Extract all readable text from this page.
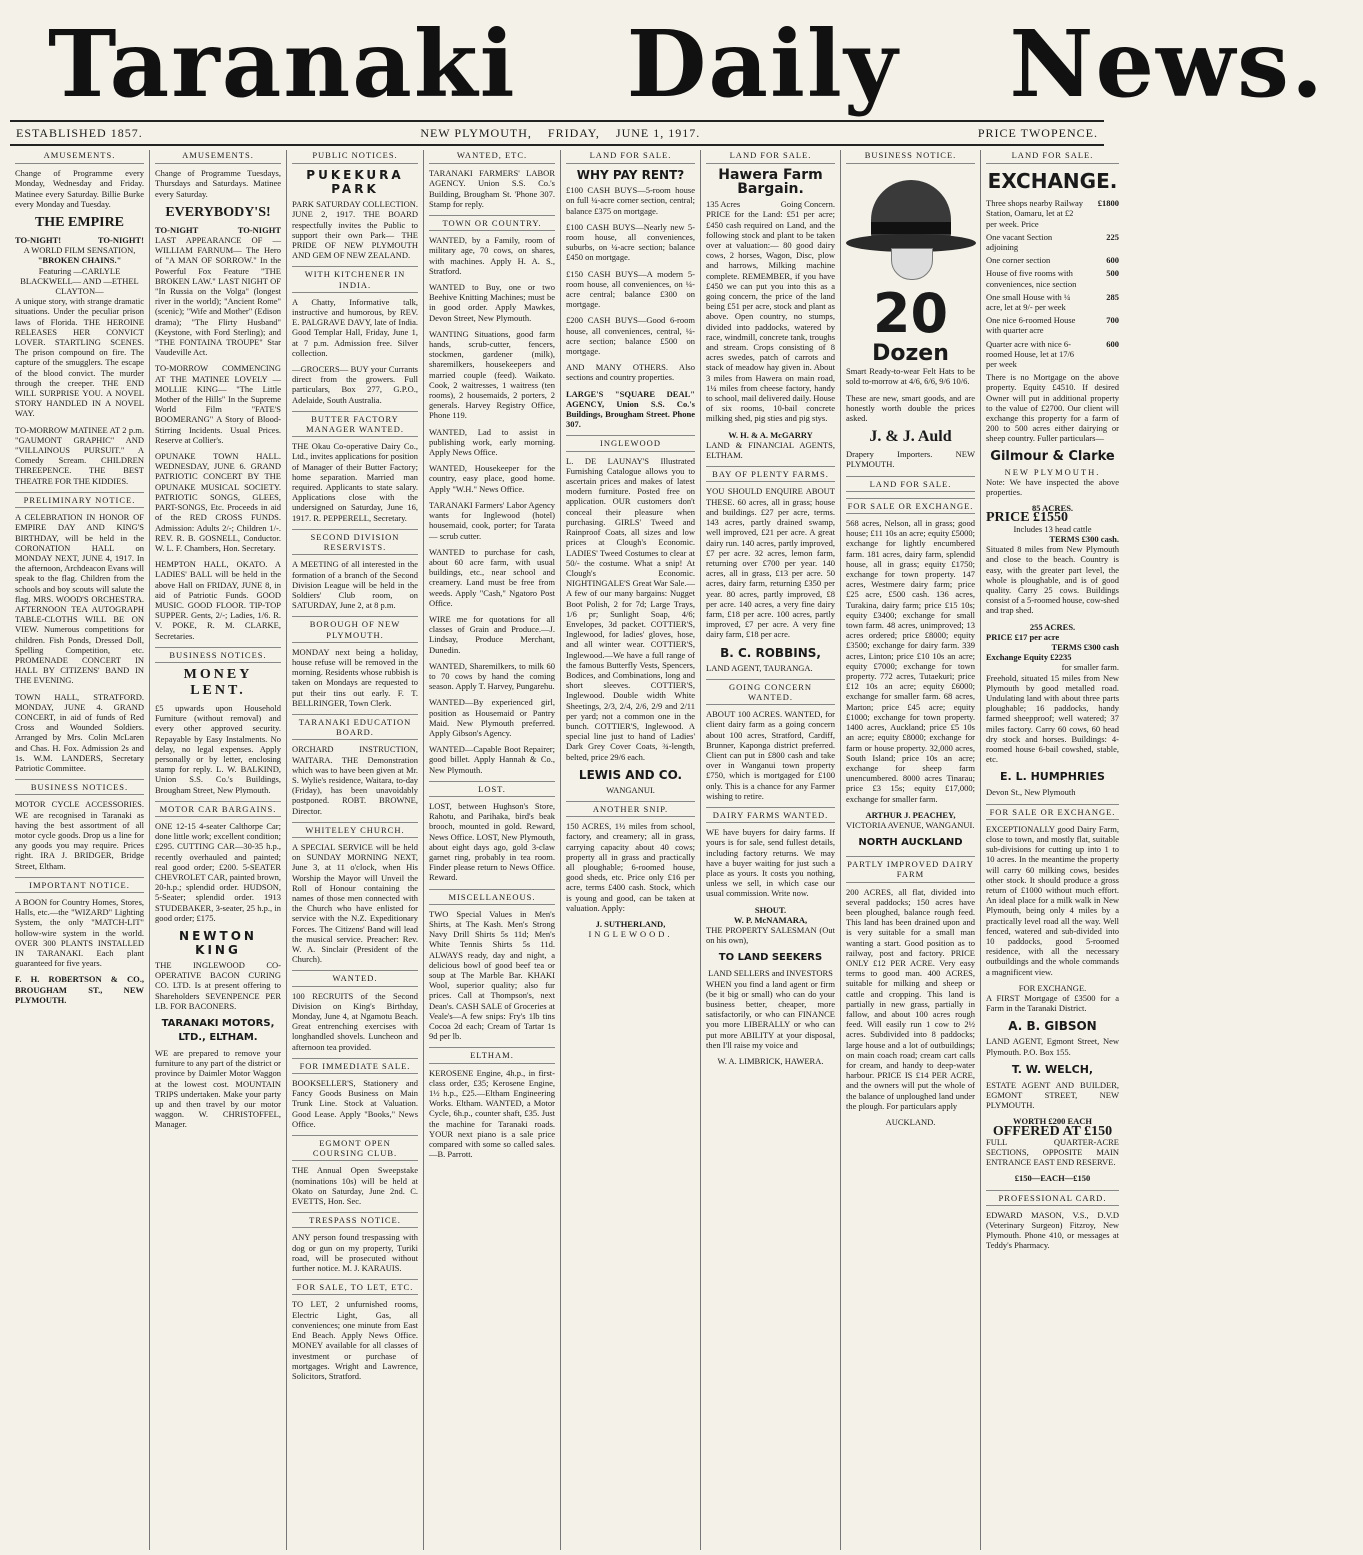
Taranaki Daily News.
ESTABLISHED 1857.	NEW PLYMOUTH, FRIDAY, JUNE 1, 1917.	PRICE TWOPENCE.
AMUSEMENTS.
Change of Programme every Monday, Wednesday and Friday. Matinee every Saturday. Billie Burke every Monday and Tuesday.
THE EMPIRE
TO-NIGHT!	TO-NIGHT!
A WORLD FILM SENSATION,
"BROKEN CHAINS."
Featuring —CARLYLE BLACKWELL— AND —ETHEL CLAYTON—
A unique story, with strange dramatic situations. Under the peculiar prison laws of Florida. THE HEROINE RELEASES HER CONVICT LOVER. STARTLING SCENES. The prison compound on fire. The capture of the smugglers. The escape of the blood convict. The murder through the creeper. THE END WILL SURPRISE YOU. A NOVEL STORY HANDLED IN A NOVEL WAY.
TO-MORROW MATINEE AT 2 p.m. "GAUMONT GRAPHIC" AND "VILLAINOUS PURSUIT." A Comedy Scream. CHILDREN THREEPENCE. THE BEST THEATRE FOR THE KIDDIES.
PRELIMINARY NOTICE.
A CELEBRATION IN HONOR OF EMPIRE DAY AND KING'S BIRTHDAY, will be held in the CORONATION HALL on MONDAY NEXT, JUNE 4, 1917. In the afternoon, Archdeacon Evans will speak to the flag. Children from the schools and boy scouts will salute the flag. MRS. WOOD'S ORCHESTRA. AFTERNOON TEA AUTOGRAPH TABLE-CLOTHS WILL BE ON VIEW. Numerous competitions for children. Fish Ponds, Dressed Doll, Spelling Competition, etc. PROMENADE CONCERT IN HALL BY CITIZENS' BAND IN THE EVENING.
TOWN HALL, STRATFORD. MONDAY, JUNE 4. GRAND CONCERT, in aid of funds of Red Cross and Wounded Soldiers. Arranged by Mrs. Colin McLaren and Chas. H. Fox. Admission 2s and 1s. W.M. LANDERS, Secretary Patriotic Committee.
BUSINESS NOTICES.
MOTOR CYCLE ACCESSORIES. WE are recognised in Taranaki as having the best assortment of all motor cycle goods. Drop us a line for any goods you may require. Prices right. IRA J. BRIDGER, Bridge Street, Eltham.
IMPORTANT NOTICE.
A BOON for Country Homes, Stores, Halls, etc.—the "WIZARD" Lighting System, the only "MATCH-LIT" hollow-wire system in the world. OVER 300 PLANTS INSTALLED IN TARANAKI. Each plant guaranteed for five years.
F. H. ROBERTSON & CO., BROUGHAM ST., NEW PLYMOUTH.
AMUSEMENTS.
Change of Programme Tuesdays, Thursdays and Saturdays. Matinee every Saturday.
EVERYBODY'S!
TO-NIGHT	TO-NIGHT
LAST APPEARANCE OF —WILLIAM FARNUM— The Hero of "A MAN OF SORROW." In the Powerful Fox Feature "THE BROKEN LAW." LAST NIGHT OF "In Russia on the Volga" (longest river in the world); "Ancient Rome" (scenic); "Wife and Mother" (Edison drama); "The Flirty Husband" (Keystone, with Ford Sterling); and "THE FONTAINA TROUPE" Star Vaudeville Act.
TO-MORROW COMMENCING AT THE MATINEE LOVELY —MOLLIE KING— "The Little Mother of the Hills" In the Supreme World Film "FATE'S BOOMERANG" A Story of Blood-Stirring Incidents. Usual Prices. Reserve at Collier's.
OPUNAKE TOWN HALL. WEDNESDAY, JUNE 6. GRAND PATRIOTIC CONCERT BY THE OPUNAKE MUSICAL SOCIETY. PATRIOTIC SONGS, GLEES, PART-SONGS, Etc. Proceeds in aid of the RED CROSS FUNDS. Admission: Adults 2/-; Children 1/-. REV. R. B. GOSNELL, Conductor. W. L. F. Chambers, Hon. Secretary.
HEMPTON HALL, OKATO. A LADIES' BALL will be held in the above Hall on FRIDAY, JUNE 8, in aid of Patriotic Funds. GOOD MUSIC. GOOD FLOOR. TIP-TOP SUPPER. Gents, 2/-; Ladies, 1/6. R. V. POKE, R. M. CLARKE, Secretaries.
BUSINESS NOTICES.
MONEY LENT.
£5 upwards upon Household Furniture (without removal) and every other approved security. Repayable by Easy Instalments. No delay, no legal expenses. Apply personally or by letter, enclosing stamp for reply. L. W. BALKIND, Union S.S. Co.'s Buildings, Brougham Street, New Plymouth.
MOTOR CAR BARGAINS.
ONE 12-15 4-seater Calthorpe Car; done little work; excellent condition; £295. CUTTING CAR—30-35 h.p., recently overhauled and painted; real good order; £200. 5-SEATER CHEVROLET CAR, painted brown, 20-h.p.; splendid order. HUDSON, 5-Seater; splendid order. 1913 STUDEBAKER, 3-seater, 25 h.p., in good order; £175.
NEWTON KING
THE INGLEWOOD CO-OPERATIVE BACON CURING CO. LTD. Is at present offering to Shareholders SEVENPENCE PER LB. FOR BACONERS.
TARANAKI MOTORS, LTD., ELTHAM.
WE are prepared to remove your furniture to any part of the district or province by Daimler Motor Waggon at the lowest cost. MOUNTAIN TRIPS undertaken. Make your party up and then travel by our motor waggon. W. CHRISTOFFEL, Manager.
PUBLIC NOTICES.
PUKEKURA PARK
PARK SATURDAY COLLECTION. JUNE 2, 1917. THE BOARD respectfully invites the Public to support their own Park— THE PRIDE OF NEW PLYMOUTH AND GEM OF NEW ZEALAND.
WITH KITCHENER IN INDIA.
A Chatty, Informative talk, instructive and humorous, by REV. E. PALGRAVE DAVY, late of India. Good Templar Hall, Friday, June 1, at 7 p.m. Admission free. Silver collection.
—GROCERS— BUY your Currants direct from the growers. Full particulars, Box 277, G.P.O., Adelaide, South Australia.
BUTTER FACTORY MANAGER WANTED.
THE Okau Co-operative Dairy Co., Ltd., invites applications for position of Manager of their Butter Factory; home separation. Married man required. Applicants to state salary. Applications close with the undersigned on Saturday, June 16, 1917. R. PEPPERELL, Secretary.
SECOND DIVISION RESERVISTS.
A MEETING of all interested in the formation of a branch of the Second Division League will be held in the Soldiers' Club room, on SATURDAY, June 2, at 8 p.m.
BOROUGH OF NEW PLYMOUTH.
MONDAY next being a holiday, house refuse will be removed in the morning. Residents whose rubbish is taken on Mondays are requested to put their tins out early. F. T. BELLRINGER, Town Clerk.
TARANAKI EDUCATION BOARD.
ORCHARD INSTRUCTION, WAITARA. THE Demonstration which was to have been given at Mr. S. Wylie's residence, Waitara, to-day (Friday), has been unavoidably postponed. ROBT. BROWNE, Director.
WHITELEY CHURCH.
A SPECIAL SERVICE will be held on SUNDAY MORNING NEXT, June 3, at 11 o'clock, when His Worship the Mayor will Unveil the Roll of Honour containing the names of those men connected with the Church who have enlisted for service with the N.Z. Expeditionary Forces. The Citizens' Band will lead the musical service. Preacher: Rev. W. A. Sinclair (President of the Church).
WANTED.
100 RECRUITS of the Second Division on King's Birthday, Monday, June 4, at Ngamotu Beach. Great entrenching exercises with longhandled shovels. Luncheon and afternoon tea provided.
FOR IMMEDIATE SALE.
BOOKSELLER'S, Stationery and Fancy Goods Business on Main Trunk Line. Stock at Valuation. Good Lease. Apply "Books," News Office.
EGMONT OPEN COURSING CLUB.
THE Annual Open Sweepstake (nominations 10s) will be held at Okato on Saturday, June 2nd. C. EVETTS, Hon. Sec.
TRESPASS NOTICE.
ANY person found trespassing with dog or gun on my property, Turiki road, will be prosecuted without further notice. M. J. KARAUIS.
FOR SALE, TO LET, ETC.
TO LET, 2 unfurnished rooms, Electric Light, Gas, all conveniences; one minute from East End Beach. Apply News Office. MONEY available for all classes of investment or purchase of mortgages. Wright and Lawrence, Solicitors, Stratford.
WANTED, ETC.
TARANAKI FARMERS' LABOR AGENCY. Union S.S. Co.'s Building, Brougham St. 'Phone 307. Stamp for reply.
TOWN OR COUNTRY.
WANTED, by a Family, room of military age, 70 cows, on shares, with machines. Apply H. A. S., Stratford.
WANTED to Buy, one or two Beehive Knitting Machines; must be in good order. Apply Mawkes, Devon Street, New Plymouth.
WANTING Situations, good farm hands, scrub-cutter, fencers, stockmen, gardener (milk), sharemilkers, housekeepers and married couple (feed). Waikato. Cook, 2 waitresses, 1 waitress (ten rooms), 2 housemaids, 2 porters, 2 generals. Harvey Registry Office, Phone 119.
WANTED, Lad to assist in publishing work, early morning. Apply News Office.
WANTED, Housekeeper for the country, easy place, good home. Apply "W.H." News Office.
TARANAKI Farmers' Labor Agency wants for Inglewood (hotel) housemaid, cook, porter; for Tarata — scrub cutter.
WANTED to purchase for cash, about 60 acre farm, with usual buildings, etc., near school and creamery. Land must be free from weeds. Apply "Cash," Ngatoro Post Office.
WIRE me for quotations for all classes of Grain and Produce.—J. Lindsay, Produce Merchant, Dunedin.
WANTED, Sharemilkers, to milk 60 to 70 cows by hand the coming season. Apply T. Harvey, Pungarehu.
WANTED—By experienced girl, position as Housemaid or Pantry Maid. New Plymouth preferred. Apply Gibson's Agency.
WANTED—Capable Boot Repairer; good billet. Apply Hannah & Co., New Plymouth.
LOST.
LOST, between Hughson's Store, Rahotu, and Parihaka, bird's beak brooch, mounted in gold. Reward, News Office. LOST, New Plymouth, about eight days ago, gold 3-claw garnet ring, probably in tea room. Finder please return to News Office. Reward.
MISCELLANEOUS.
TWO Special Values in Men's Shirts, at The Kash. Men's Strong Navy Drill Shirts 5s 11d; Men's White Tennis Shirts 5s 11d. ALWAYS ready, day and night, a delicious bowl of good beef tea or soup at The Marble Bar. KHAKI Wool, superior quality; also fur prices. Call at Thompson's, next Dean's. CASH SALE of Groceries at Veale's—A few snips: Fry's 1lb tins Cocoa 2d each; Cream of Tartar 1s 9d per lb.
ELTHAM.
KEROSENE Engine, 4h.p., in first-class order, £35; Kerosene Engine, 1½ h.p., £25.—Eltham Engineering Works. Eltham. WANTED, a Motor Cycle, 6h.p., counter shaft, £35. Just the machine for Taranaki roads. YOUR next piano is a sale price compared with some so called sales.—B. Parrott.
LAND FOR SALE.
WHY PAY RENT?
£100 CASH BUYS—5-room house on full ¼-acre corner section, central; balance £375 on mortgage.
£100 CASH BUYS—Nearly new 5-room house, all conveniences, suburbs, on ¼-acre section; balance £450 on mortgage.
£150 CASH BUYS—A modern 5-room house, all conveniences, on ¼-acre central; balance £300 on mortgage.
£200 CASH BUYS—Good 6-room house, all conveniences, central, ¼-acre section; balance £500 on mortgage.
AND MANY OTHERS. Also sections and country properties.
LARGE'S "SQUARE DEAL" AGENCY, Union S.S. Co.'s Buildings, Brougham Street. Phone 307.
INGLEWOOD
L. DE LAUNAY'S Illustrated Furnishing Catalogue allows you to ascertain prices and makes of latest modern furniture. Posted free on application. OUR customers don't conceal their pleasure when purchasing. GIRLS' Tweed and Rainproof Coats, all sizes and low prices at Clough's Economic. LADIES' Tweed Costumes to clear at 50/- the costume. What a snip! At Clough's Economic. NIGHTINGALE'S Great War Sale.—A few of our many bargains: Nugget Boot Polish, 2 for 7d; Large Trays, 1/6 pr; Sunlight Soap, 4/6; Envelopes, 3d packet. COTTIER'S, Inglewood, for ladies' gloves, hose, and all winter wear. COTTIER'S, Inglewood.—We have a full range of the famous Butterfly Vests, Spencers, Bodices, and Combinations, long and short sleeves. COTTIER'S, Inglewood. Double width White Sheetings, 2/3, 2/4, 2/6, 2/9 and 2/11 per yard; not a common one in the bunch. COTTIER'S, Inglewood. A special line just to hand of Ladies' Dark Grey Cover Coats, ¾-length, belted, price 29/6 each.
LEWIS AND CO.
WANGANUI.
ANOTHER SNIP.
150 ACRES, 1½ miles from school, factory, and creamery; all in grass, carrying capacity about 40 cows; property all in grass and practically all ploughable; 6-roomed house, good sheds, etc. Price only £16 per acre, terms £400 cash. Stock, which is young and good, can be taken at valuation. Apply:
J. SUTHERLAND,
INGLEWOOD.
LAND FOR SALE.
Hawera Farm Bargain.
135 Acres	Going Concern.
PRICE for the Land: £51 per acre; £450 cash required on Land, and the following stock and plant to be taken over at valuation:— 80 good dairy cows, 2 horses, Wagon, Disc, plow and harrows, Milking machine complete. REMEMBER, if you have £450 we can put you into this as a going concern, the price of the land being £51 per acre, stock and plant as above. Open country, no stumps, divided into paddocks, watered by race, windmill, concrete tank, troughs and stream. Crops consisting of 8 acres swedes, patch of carrots and stack of meadow hay given in. About 3 miles from Hawera on main road, 1¼ miles from cheese factory, handy to school, mail delivered daily. House of six rooms, 10-bail concrete milking shed, pig sties and pig stys.
W. H. & A. McGARRY
LAND & FINANCIAL AGENTS, ELTHAM.
BAY OF PLENTY FARMS.
YOU SHOULD ENQUIRE ABOUT THESE. 60 acres, all in grass; house and buildings. £27 per acre, terms. 143 acres, partly drained swamp, well improved, £21 per acre. A great dairy run. 140 acres, partly improved, £7 per acre. 32 acres, lemon farm, returning over £700 per year. 140 acres, all in grass, £13 per acre. 50 acres, dairy farm, returning £350 per year. 80 acres, partly improved, £8 per acre. 140 acres, a very fine dairy farm, £18 per acre. 100 acres, partly improved, £7 per acre. A very fine dairy farm, £18 per acre.
B. C. ROBBINS,
LAND AGENT, TAURANGA.
GOING CONCERN WANTED.
ABOUT 100 ACRES. WANTED, for client dairy farm as a going concern about 100 acres, Stratford, Cardiff, Brunner, Kaponga district preferred. Client can put in £800 cash and take over in Wanganui town property £750, which is mortgaged for £100 only. This is a chance for any Farmer wishing to retire.
DAIRY FARMS WANTED.
WE have buyers for dairy farms. If yours is for sale, send fullest details, including factory returns. We may have a buyer waiting for just such a place as yours. It costs you nothing, unless we sell, in which case our usual commission. Write now.
SHOUT.
W. P. McNAMARA,
THE PROPERTY SALESMAN (Out on his own),
TO LAND SEEKERS
LAND SELLERS and INVESTORS
WHEN you find a land agent or firm (be it big or small) who can do your business better, cheaper, more satisfactorily, or who can FINANCE you more LIBERALLY or who can put more ABILITY at your disposal, then I'll raise my voice and
W. A. LIMBRICK, HAWERA.
BUSINESS NOTICE.
20
Dozen
Smart Ready-to-wear Felt Hats to be sold to-morrow at 4/6, 6/6, 9/6 10/6.
These are new, smart goods, and are honestly worth double the prices asked.
J. & J. Auld
Drapery Importers. NEW PLYMOUTH.
LAND FOR SALE.
FOR SALE OR EXCHANGE.
568 acres, Nelson, all in grass; good house; £11 10s an acre; equity £5000; exchange for lightly encumbered farm. 181 acres, dairy farm, splendid house, all in grass; equity £1750; exchange for town property. 147 acres, Westmere dairy farm; price £25 acre, £500 cash. 136 acres, Turakina, dairy farm; price £15 10s; equity £3400; exchange for small town farm. 48 acres, unimproved; 13 acres ordered; price £8000; equity £3500; exchange for dairy farm. 339 acres, Linton; price £10 10s an acre; equity £7000; exchange for town property. 772 acres, Tutaekuri; price £12 10s an acre; equity £6000; exchange for smaller farm. 68 acres, Marton; price £45 acre; equity £1000; exchange for town property. 1400 acres, Auckland; price £5 10s an acre; equity £8000; exchange for farm or house property. 32,000 acres, South Island; price 10s an acre; exchange for sheep farm unencumbered. 8000 acres Tinarau; price £3 15s; equity £17,000; exchange for smaller farm.
ARTHUR J. PEACHEY,
VICTORIA AVENUE, WANGANUI.
NORTH AUCKLAND
PARTLY IMPROVED DAIRY FARM
200 ACRES, all flat, divided into several paddocks; 150 acres have been ploughed, balance rough feed. This land has been drained upon and is very suitable for a small man wanting a start. Good position as to railway, post and factory. PRICE ONLY £12 PER ACRE. Very easy terms to good man. 400 ACRES, suitable for milking and sheep or cattle and cropping. This land is partially in new grass, partially in fallow, and about 100 acres rough feed. Will easily run 1 cow to 2½ acres. Subdivided into 8 paddocks; large house and a lot of outbuildings; on main coach road; cream cart calls for cream, and handy to deep-water harbour. PRICE IS £14 PER ACRE, and the owners will put the whole of the balance of unploughed land under the plough. For particulars apply
AUCKLAND.
LAND FOR SALE.
EXCHANGE.
Three shops nearby Railway Station, Oamaru, let at £2 per week. Price
£1800
One vacant Section adjoining
225
One corner section	600
House of five rooms with conveniences, nice section
500
One small House with ¼ acre, let at 9/- per week
285
One nice 6-roomed House with quarter acre
700
Quarter acre with nice 6-roomed House, let at 17/6 per week
600
There is no Mortgage on the above property. Equity £4510. If desired Owner will put in additional property to the value of £2700. Our client will exchange this property for a farm of 200 to 500 acres either dairying or sheep country. Fuller particulars—
Gilmour & Clarke
NEW PLYMOUTH.
Note: We have inspected the above properties.
85 ACRES.
PRICE £1550
Includes 13 head cattle
TERMS £300 cash.
Situated 8 miles from New Plymouth and close to the beach. Country is easy, with the greater part level, the whole is ploughable, and is of good quality. Carry 25 cows. Buildings consist of a 5-roomed house, cow-shed and trap shed.
255 ACRES.
PRICE £17 per acre
TERMS £300 cash
Exchange Equity £2235
for smaller farm.
Freehold, situated 15 miles from New Plymouth by good metalled road. Undulating land with about three parts ploughable; 16 paddocks, handy farmed sheepproof; well watered; 37 miles factory. Carry 60 cows, 60 head dry stock and horses. Buildings: 4-roomed house 6-bail cowshed, stable, etc.
E. L. HUMPHRIES
Devon St., New Plymouth
FOR SALE OR EXCHANGE.
EXCEPTIONALLY good Dairy Farm, close to town, and mostly flat, suitable sub-divisions for cutting up into 1 to 10 acres. In the meantime the property will carry 60 milking cows, besides other stock. It should produce a gross return of £1000 without much effort. An ideal place for a milk walk in New Plymouth, being only 4 miles by a practically level road all the way. Well fenced, watered and sub-divided into 10 paddocks, good 5-roomed residence, with all the necessary outbuildings and the whole commands a magnificent view.
FOR EXCHANGE.
A FIRST Mortgage of £3500 for a Farm in the Taranaki District.
A. B. GIBSON
LAND AGENT, Egmont Street, New Plymouth. P.O. Box 155.
T. W. WELCH,
ESTATE AGENT AND BUILDER, EGMONT STREET, NEW PLYMOUTH.
WORTH £200 EACH
OFFERED AT £150
FULL QUARTER-ACRE SECTIONS, OPPOSITE MAIN ENTRANCE EAST END RESERVE.
£150—EACH—£150
PROFESSIONAL CARD.
EDWARD MASON, V.S., D.V.D (Veterinary Surgeon) Fitzroy, New Plymouth. Phone 410, or messages at Teddy's Pharmacy.
